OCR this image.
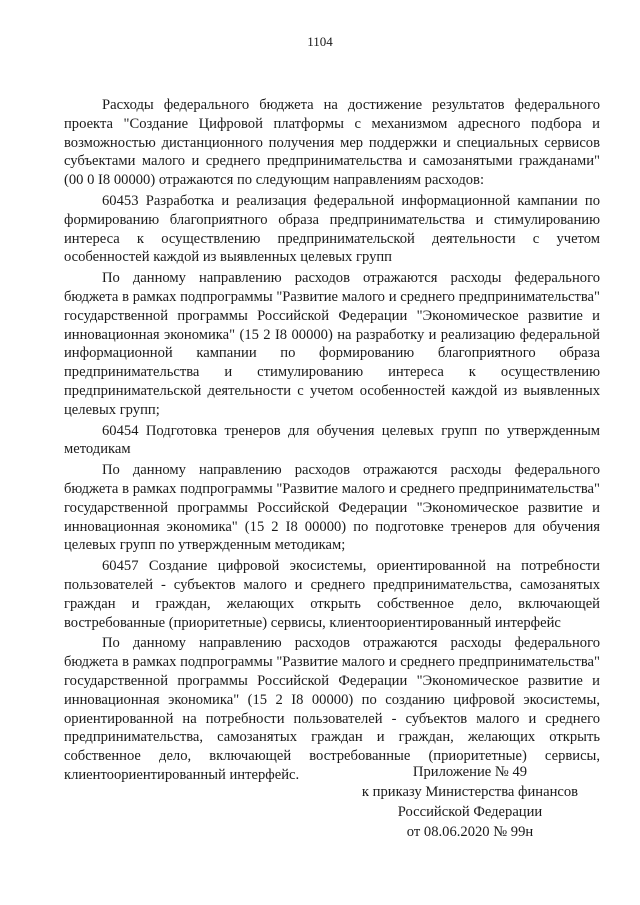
1104

Расходы федерального бюджета на достижение результатов федерального проекта "Создание Цифровой платформы с механизмом адресного подбора и возможностью дистанционного получения мер поддержки и специальных сервисов субъектами малого и среднего предпринимательства и самозанятыми гражданами" (00 0 I8 00000) отражаются по следующим направлениям расходов:

60453 Разработка и реализация федеральной информационной кампании по формированию благоприятного образа предпринимательства и стимулированию интереса к осуществлению предпринимательской деятельности с учетом особенностей каждой из выявленных целевых групп

По данному направлению расходов отражаются расходы федерального бюджета в рамках подпрограммы "Развитие малого и среднего предпринимательства" государственной программы Российской Федерации "Экономическое развитие и инновационная экономика" (15 2 I8 00000) на разработку и реализацию федеральной информационной кампании по формированию благоприятного образа предпринимательства и стимулированию интереса к осуществлению предпринимательской деятельности с учетом особенностей каждой из выявленных целевых групп;

60454 Подготовка тренеров для обучения целевых групп по утвержденным методикам

По данному направлению расходов отражаются расходы федерального бюджета в рамках подпрограммы "Развитие малого и среднего предпринимательства" государственной программы Российской Федерации "Экономическое развитие и инновационная экономика" (15 2 I8 00000) по подготовке тренеров для обучения целевых групп по утвержденным методикам;

60457 Создание цифровой экосистемы, ориентированной на потребности пользователей - субъектов малого и среднего предпринимательства, самозанятых граждан и граждан, желающих открыть собственное дело, включающей востребованные (приоритетные) сервисы, клиентоориентированный интерфейс

По данному направлению расходов отражаются расходы федерального бюджета в рамках подпрограммы "Развитие малого и среднего предпринимательства" государственной программы Российской Федерации "Экономическое развитие и инновационная экономика" (15 2 I8 00000) по созданию цифровой экосистемы, ориентированной на потребности пользователей - субъектов малого и среднего предпринимательства, самозанятых граждан и граждан, желающих открыть собственное дело, включающей востребованные (приоритетные) сервисы, клиентоориентированный интерфейс.	Приложение № 49
к приказу Министерства финансов
Российской Федерации
от 08.06.2020 № 99н
